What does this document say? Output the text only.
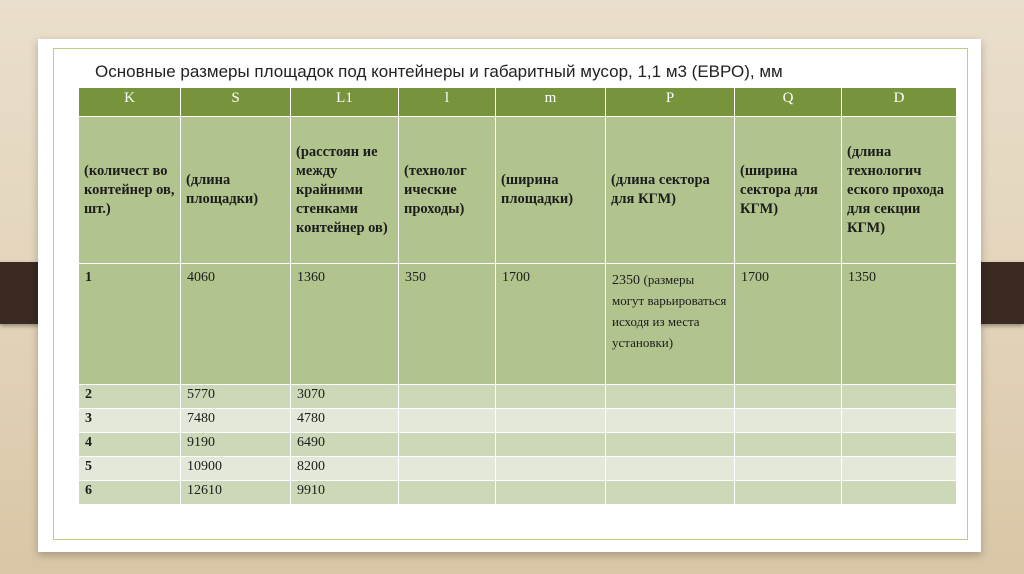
Основные размеры площадок под контейнеры и габаритный мусор, 1,1 м3 (ЕВРО), мм
K	S	L1	l	m	P	Q	D
(количест во контейнер ов, шт.)	(длина площадки)	(расстоян ие между крайними стенками контейнер ов)	(технолог ические проходы)	(ширина площадки)	(длина сектора для КГМ)	(ширина сектора для КГМ)	(длина технологич еского прохода для секции КГМ)
1	4060	1360	350	1700	2350 (размеры могут варьироваться исходя из места установки)	1700	1350
2	5770	3070					
3	7480	4780					
4	9190	6490					
5	10900	8200					
6	12610	9910					
